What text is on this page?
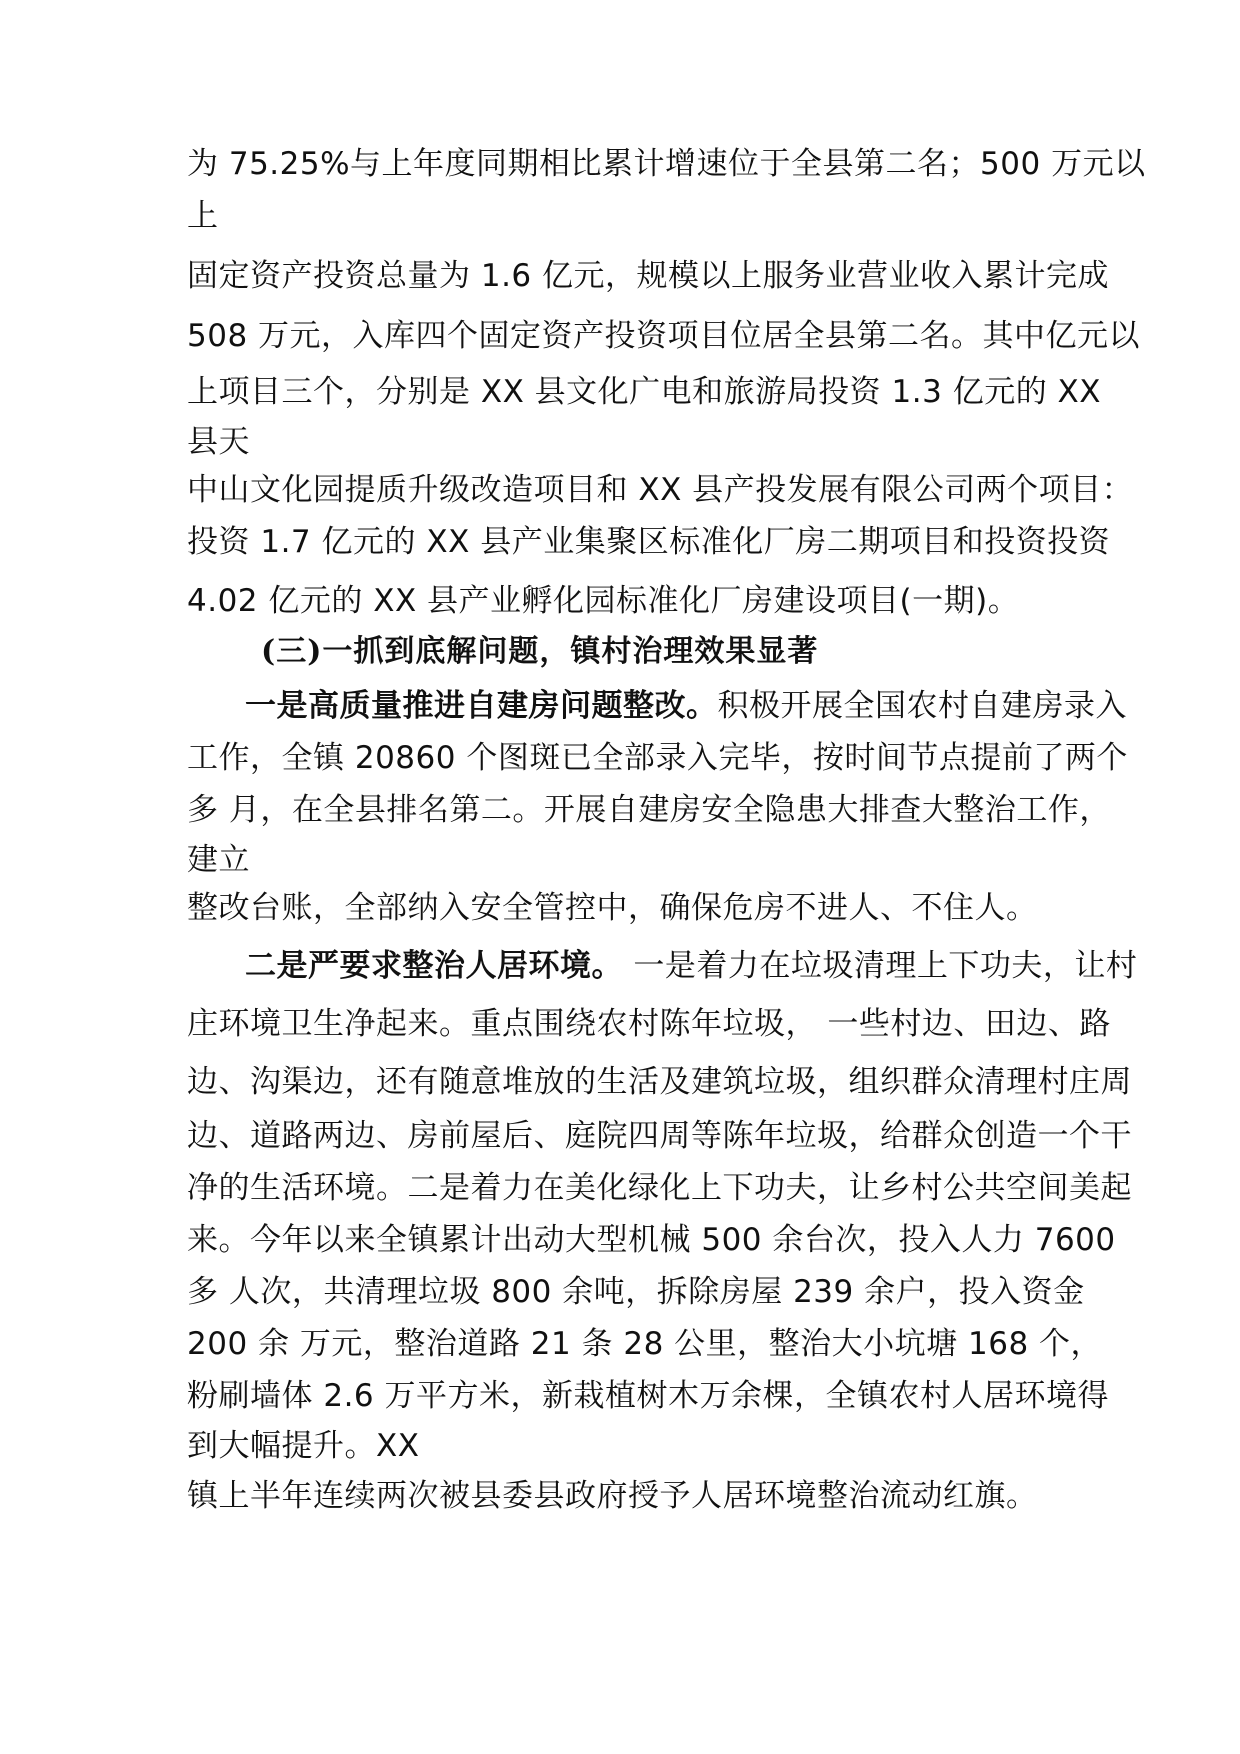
为 75.25%与上年度同期相比累计增速位于全县第二名；500 万元以
上
固定资产投资总量为 1.6 亿元，规模以上服务业营业收入累计完成
508 万元，入库四个固定资产投资项目位居全县第二名。其中亿元以
上项目三个，分别是 XX 县文化广电和旅游局投资 1.3 亿元的 XX
县天
中山文化园提质升级改造项目和 XX 县产投发展有限公司两个项目：
投资 1.7 亿元的 XX 县产业集聚区标准化厂房二期项目和投资投资
4.02 亿元的 XX 县产业孵化园标准化厂房建设项目(一期)。
(三)一抓到底解问题，镇村治理效果显著
一是高质量推进自建房问题整改。积极开展全国农村自建房录入
工作，全镇 20860 个图斑已全部录入完毕，按时间节点提前了两个
多 月，在全县排名第二。开展自建房安全隐患大排查大整治工作，
建立
整改台账，全部纳入安全管控中，确保危房不进人、不住人。
二是严要求整治人居环境。 一是着力在垃圾清理上下功夫，让村
庄环境卫生净起来。重点围绕农村陈年垃圾， 一些村边、田边、路
边、沟渠边，还有随意堆放的生活及建筑垃圾，组织群众清理村庄周
边、道路两边、房前屋后、庭院四周等陈年垃圾，给群众创造一个干
净的生活环境。二是着力在美化绿化上下功夫，让乡村公共空间美起
来。今年以来全镇累计出动大型机械 500 余台次，投入人力 7600
多 人次，共清理垃圾 800 余吨，拆除房屋 239 余户，投入资金
200 余 万元，整治道路 21 条 28 公里，整治大小坑塘 168 个，
粉刷墙体 2.6 万平方米，新栽植树木万余棵，全镇农村人居环境得
到大幅提升。XX
镇上半年连续两次被县委县政府授予人居环境整治流动红旗。
